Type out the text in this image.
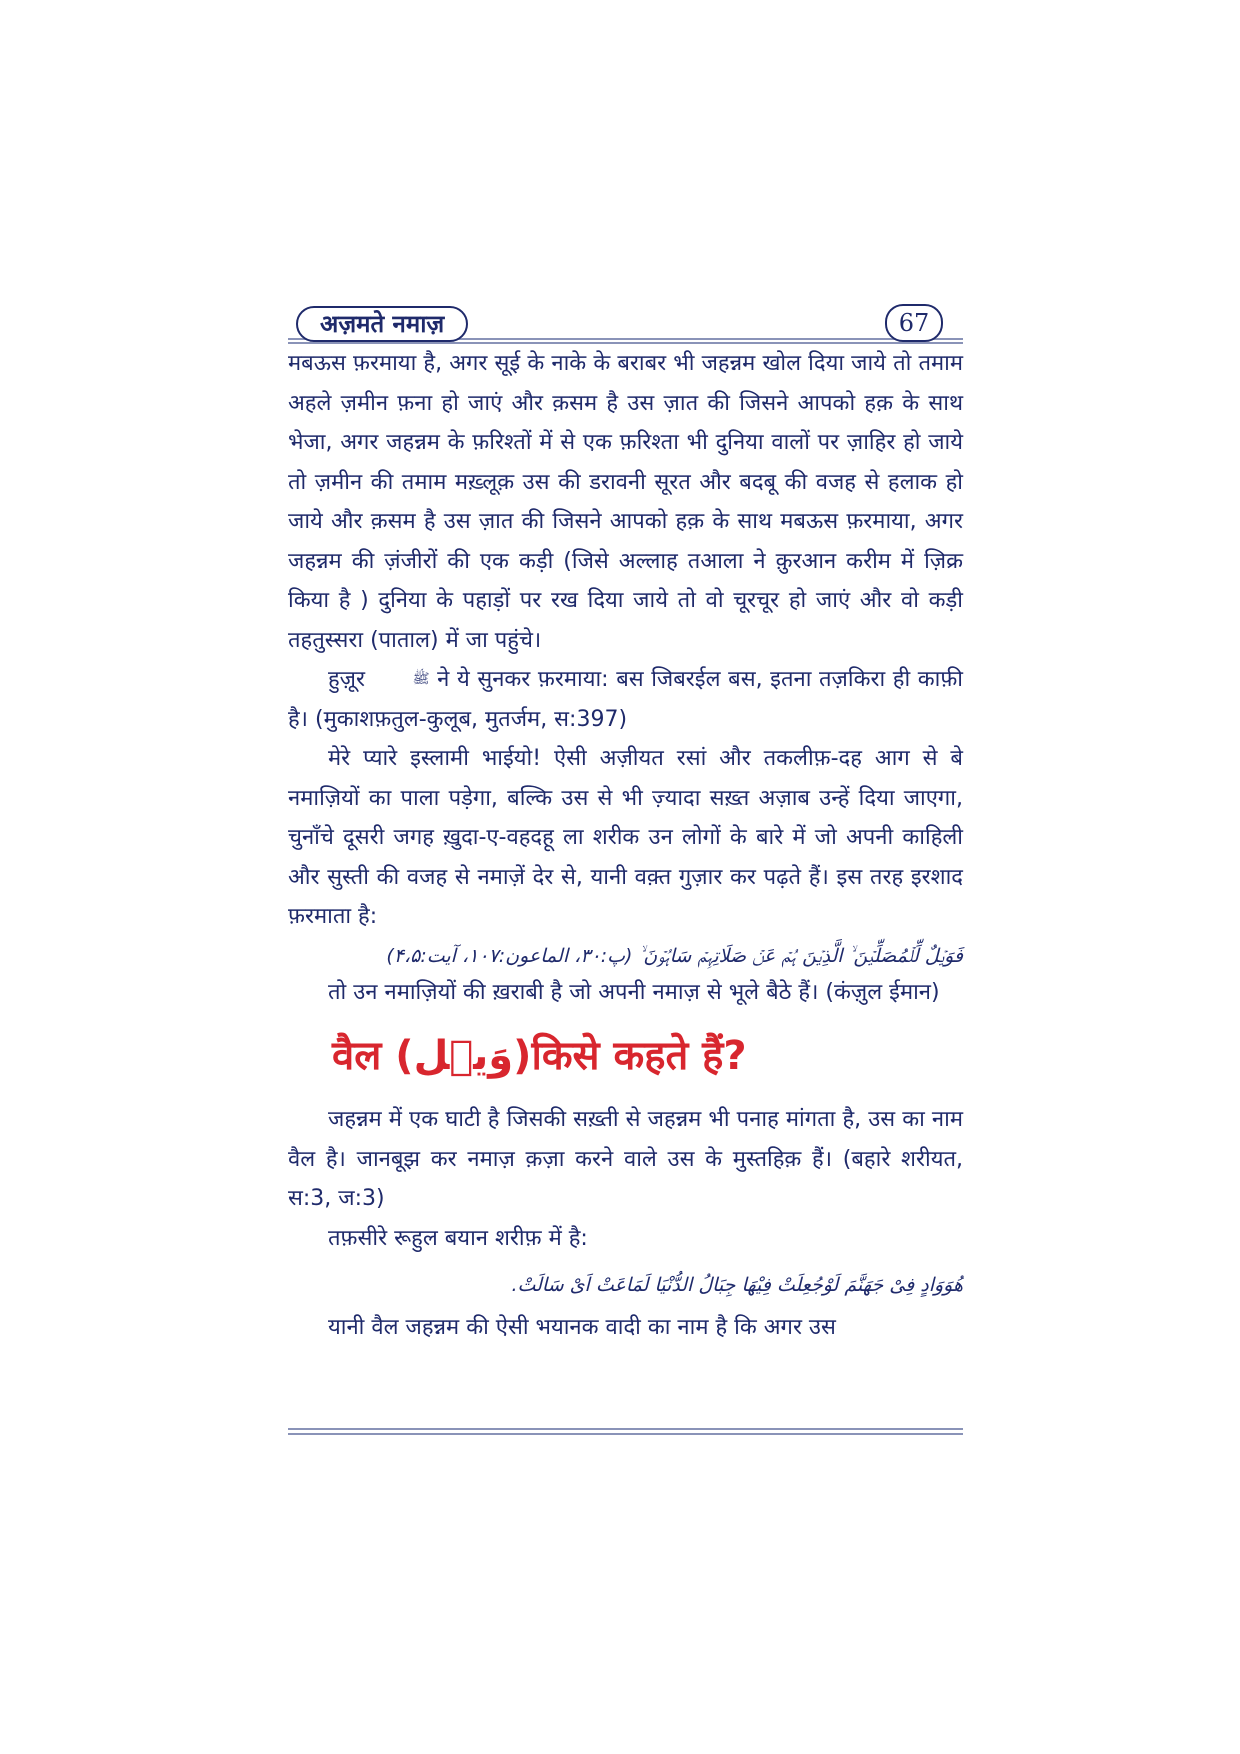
अज़मते नमाज़	67

मबऊस फ़रमाया है, अगर सूई के नाके के बराबर भी जहन्नम खोल दिया जाये तो तमाम अहले ज़मीन फ़ना हो जाएं और क़सम है उस ज़ात की जिसने आपको हक़ के साथ भेजा, अगर जहन्नम के फ़रिश्तों में से एक फ़रिश्ता भी दुनिया वालों पर ज़ाहिर हो जाये तो ज़मीन की तमाम मख़्लूक़ उस की डरावनी सूरत और बदबू की वजह से हलाक हो जाये और क़सम है उस ज़ात की जिसने आपको हक़ के साथ मबऊस फ़रमाया, अगर जहन्नम की ज़ंजीरों की एक कड़ी (जिसे अल्लाह तआला ने क़ुरआन करीम में ज़िक्र किया है ) दुनिया के पहाड़ों पर रख दिया जाये तो वो चूरचूर हो जाएं और वो कड़ी तहतुस्सरा (पाताल) में जा पहुंचे।

हुज़ूर	ﷺ ने ये सुनकर फ़रमाया: बस जिबरईल बस, इतना तज़किरा ही काफ़ी है। (मुकाशफ़तुल-कुलूब, मुतर्जम, स:397)

मेरे प्यारे इस्लामी भाईयो! ऐसी अज़ीयत रसां और तकलीफ़-दह आग से बे नमाज़ियों का पाला पड़ेगा, बल्कि उस से भी ज़्यादा सख़्त अज़ाब उन्हें दिया जाएगा, चुनाँचे दूसरी जगह ख़ुदा-ए-वहदहू ला शरीक उन लोगों के बारे में जो अपनी काहिली और सुस्ती की वजह से नमाज़ें देर से, यानी वक़्त गुज़ार कर पढ़ते हैं। इस तरह इरशाद फ़रमाता है:

فَوَیۡلٌ لِّلۡمُصَلِّیۡنَ ۙ الَّذِیۡنَ ہُمۡ عَنۡ صَلَاتِہِمۡ سَاہُوۡنَ ۙ (پ:۳۰، الماعون:۱۰۷، آیت:۴،۵)

तो उन नमाज़ियों की ख़राबी है जो अपनी नमाज़ से भूले बैठे हैं। (कंज़ुल ईमान)

वैल (وَیۡل)किसे कहते हैं?

जहन्नम में एक घाटी है जिसकी सख़्ती से जहन्नम भी पनाह मांगता है, उस का नाम वैल है। जानबूझ कर नमाज़ क़ज़ा करने वाले उस के मुस्तहिक़ हैं। (बहारे शरीयत, स:3, ज:3)

तफ़सीरे रूहुल बयान शरीफ़ में है:

هُوَوَادٍ فِیْ جَهَنَّمَ لَوْجُعِلَتْ فِیْهَا جِبَالُ الدُّنْیَا لَمَاعَتْ اَیْ سَالَتْ.

यानी वैल जहन्नम की ऐसी भयानक वादी का नाम है कि अगर उस
